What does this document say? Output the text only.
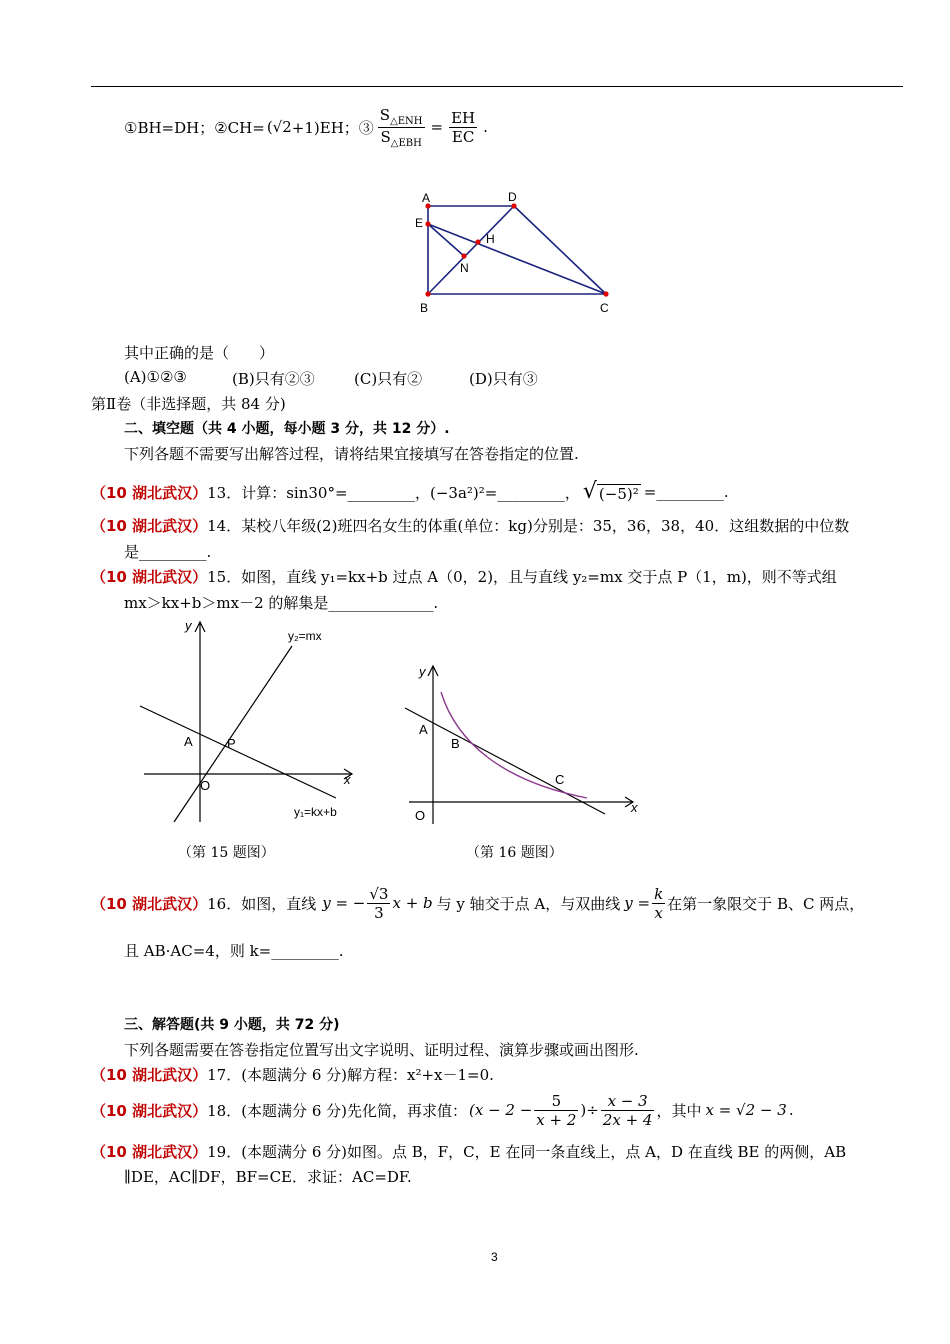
①BH=DH；②CH= (√2 +1)EH；③ $\frac{S_{\triangle ENH}}{S_{\triangle EBH}} = \frac{EH}{EC}$ .
A	D
E
H
N
B	C
其中正确的是（　　）
(A)①②③	(B)只有②③	(C)只有②	(D)只有③
第Ⅱ卷（非选择题，共 84 分)
二、填空题（共 4 小题，每小题 3 分，共 12 分）.
下列各题不需要写出解答过程，请将结果宜接填写在答卷指定的位置.
（10 湖北武汉） 13．计算：sin30°=_________，(−3a²)²=_________， √ (−5)² =_________.
（10 湖北武汉）14．某校八年级(2)班四名女生的体重(单位：kg)分别是：35，36，38，40．这组数据的中位数
是_________.
（10 湖北武汉）15．如图，直线 y₁=kx+b 过点 A（0，2)，且与直线 y₂=mx 交于点 P（1，m)，则不等式组
mx＞kx+b＞mx－2 的解集是______________.
y
x
y₂=mx
A	P
O
y₁=kx+b
（第 15 题图）
y
x
A
B
C
O
（第 16 题图）
（10 湖北武汉） 16．如图，直线 y = − $\frac{√3}{3}$ x + b 与 y 轴交于点 A，与双曲线 $y = \frac{k}{x}$ 在第一象限交于 B、C 两点，
且 AB·AC=4，则 k=_________.
三、解答题(共 9 小题，共 72 分)
下列各题需要在答卷指定位置写出文字说明、证明过程、演算步骤或画出图形.
（10 湖北武汉）17．(本题满分 6 分)解方程：x²+x－1=0.
（10 湖北武汉） 18．(本题满分 6 分)先化简，再求值： ($x - 2 - \frac{5}{x + 2}$ )÷ $\frac{x - 3}{2x + 4}$ ，其中 x = √2 − 3 .
（10 湖北武汉）19．(本题满分 6 分)如图。点 B，F，C，E 在同一条直线上，点 A，D 在直线 BE 的两侧，AB
∥DE，AC∥DF，BF=CE．求证：AC=DF.
3
